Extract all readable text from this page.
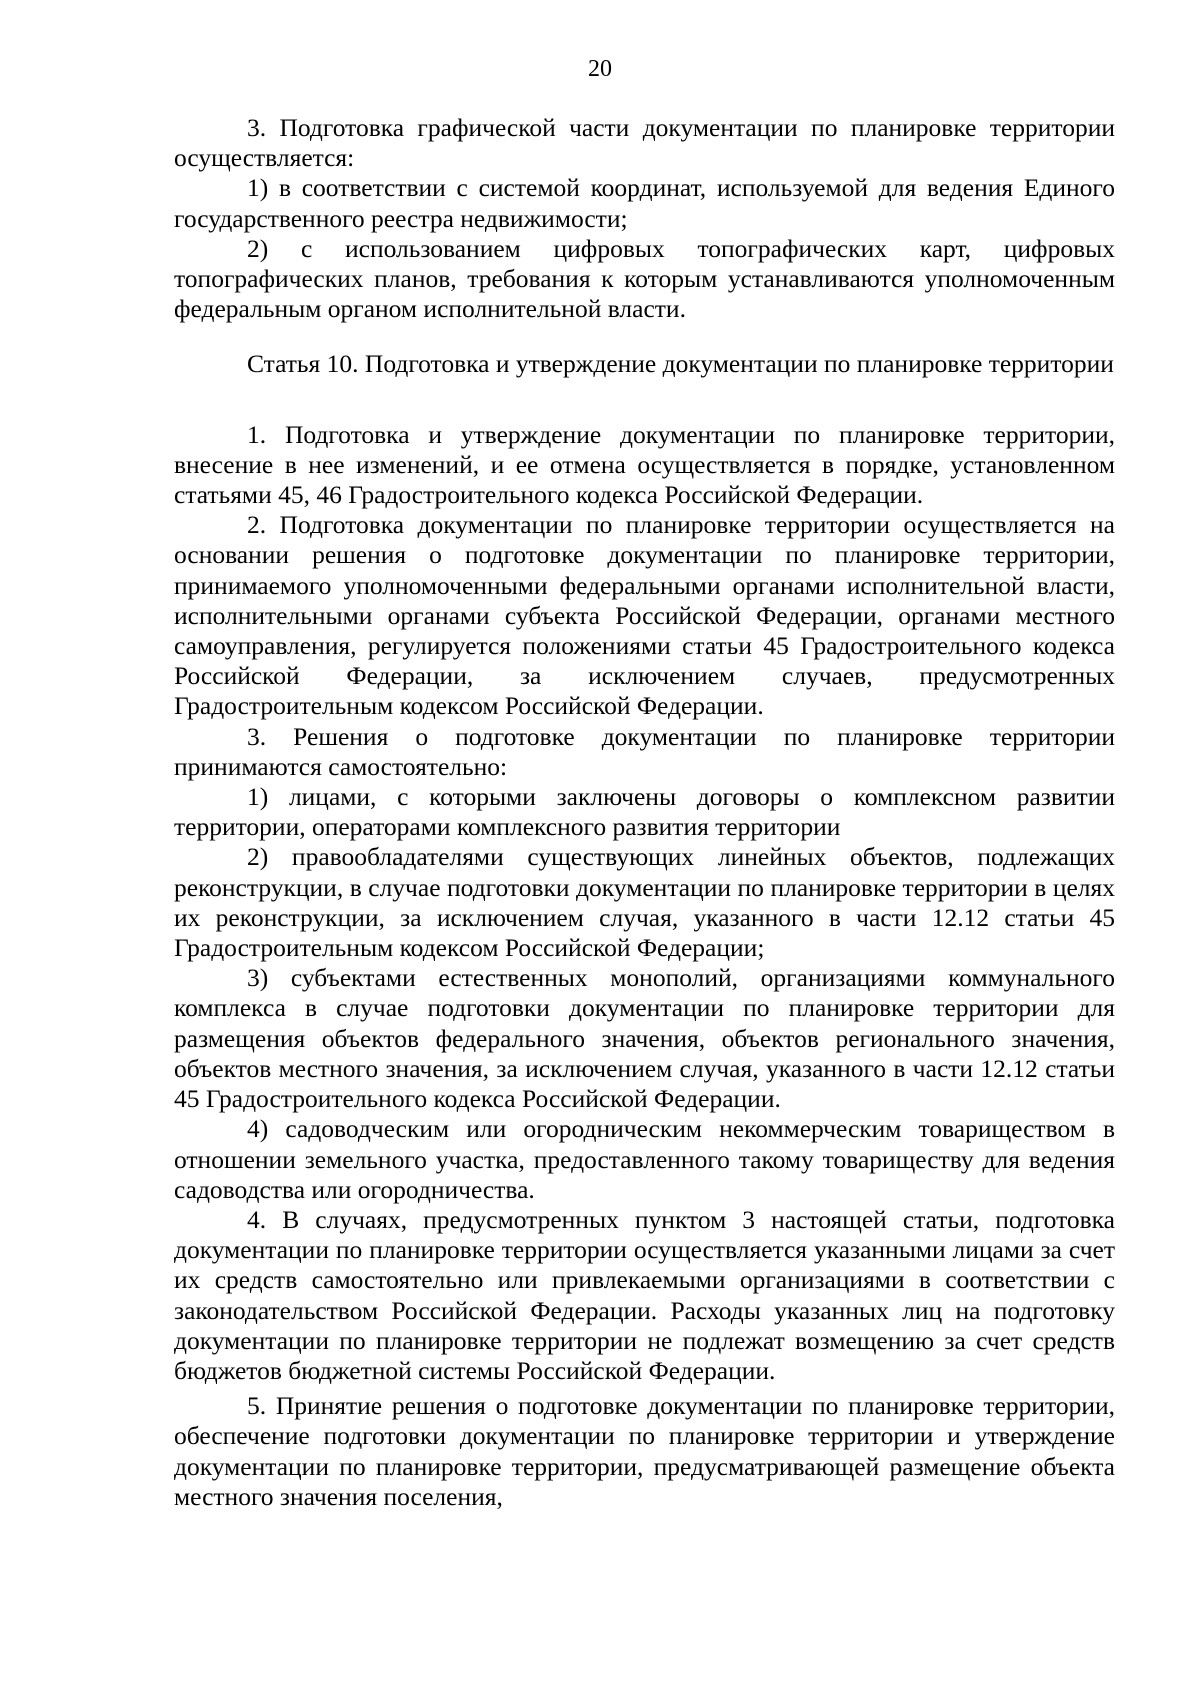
20

3. Подготовка графической части документации по планировке территории осуществляется:

1) в соответствии с системой координат, используемой для ведения Единого государственного реестра недвижимости;

2) с использованием цифровых топографических карт, цифровых топографических планов, требования к которым устанавливаются уполномоченным федеральным органом исполнительной власти.

Статья 10. Подготовка и утверждение документации по планировке территории

1. Подготовка и утверждение документации по планировке территории, внесение в нее изменений, и ее отмена осуществляется в порядке, установленном статьями 45, 46 Градостроительного кодекса Российской Федерации.

2. Подготовка документации по планировке территории осуществляется на основании решения о подготовке документации по планировке территории, принимаемого уполномоченными федеральными органами исполнительной власти, исполнительными органами субъекта Российской Федерации, органами местного самоуправления, регулируется положениями статьи 45 Градостроительного кодекса Российской Федерации, за исключением случаев, предусмотренных Градостроительным кодексом Российской Федерации.

3. Решения о подготовке документации по планировке территории принимаются самостоятельно:

1) лицами, с которыми заключены договоры о комплексном развитии территории, операторами комплексного развития территории

2) правообладателями существующих линейных объектов, подлежащих реконструкции, в случае подготовки документации по планировке территории в целях их реконструкции, за исключением случая, указанного в части 12.12 статьи 45 Градостроительным кодексом Российской Федерации;

3) субъектами естественных монополий, организациями коммунального комплекса в случае подготовки документации по планировке территории для размещения объектов федерального значения, объектов регионального значения, объектов местного значения, за исключением случая, указанного в части 12.12 статьи 45 Градостроительного кодекса Российской Федерации.

4) садоводческим или огородническим некоммерческим товариществом в отношении земельного участка, предоставленного такому товариществу для ведения садоводства или огородничества.

4. В случаях, предусмотренных пунктом 3 настоящей статьи, подготовка документации по планировке территории осуществляется указанными лицами за счет их средств самостоятельно или привлекаемыми организациями в соответствии с законодательством Российской Федерации. Расходы указанных лиц на подготовку документации по планировке территории не подлежат возмещению за счет средств бюджетов бюджетной системы Российской Федерации.

5. Принятие решения о подготовке документации по планировке территории, обеспечение подготовки документации по планировке территории и утверждение документации по планировке территории, предусматривающей размещение объекта местного значения поселения,
